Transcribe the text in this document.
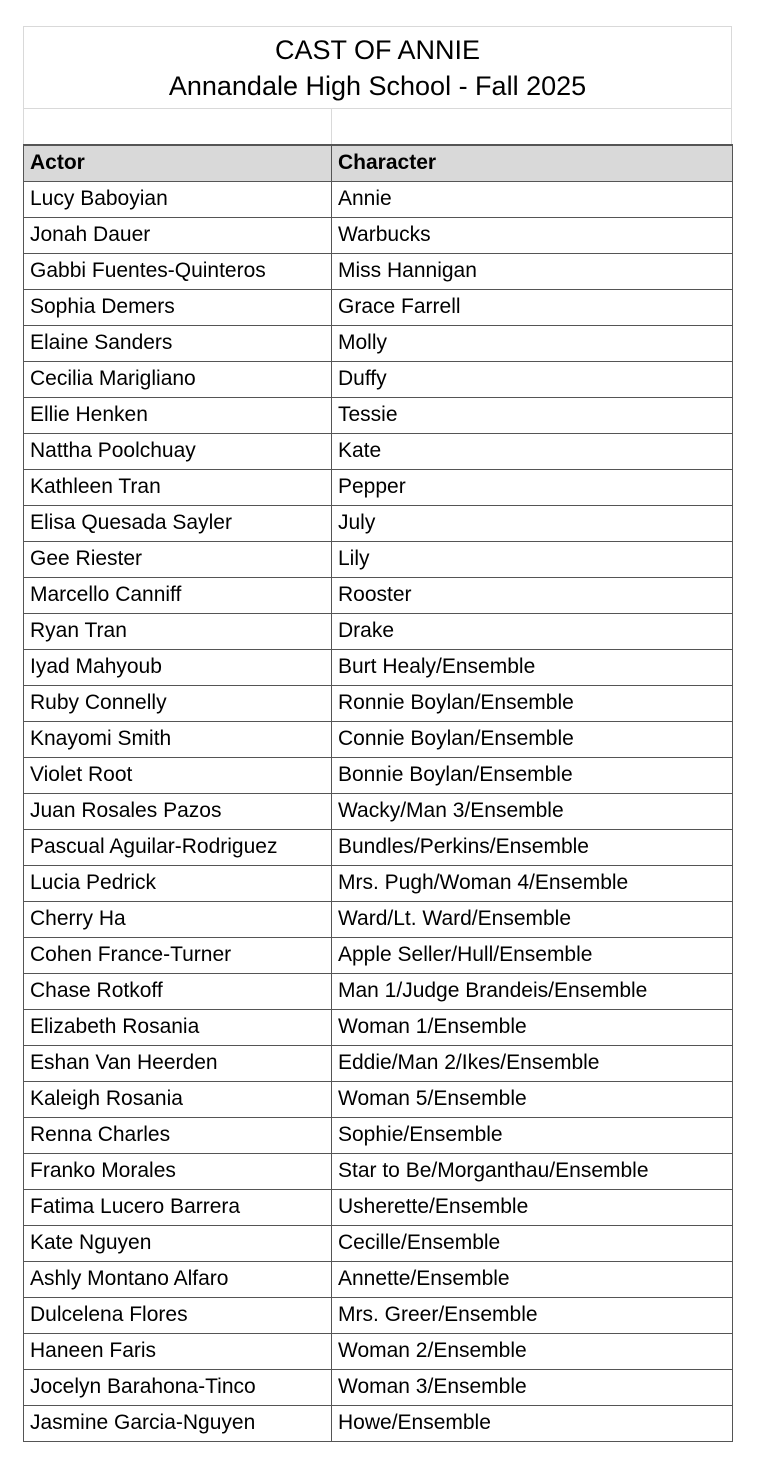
CAST OF ANNIE
Annandale High School - Fall 2025
Actor	Character
Lucy Baboyian	Annie
Jonah Dauer	Warbucks
Gabbi Fuentes-Quinteros	Miss Hannigan
Sophia Demers	Grace Farrell
Elaine Sanders	Molly
Cecilia Marigliano	Duffy
Ellie Henken	Tessie
Nattha Poolchuay	Kate
Kathleen Tran	Pepper
Elisa Quesada Sayler	July
Gee Riester	Lily
Marcello Canniff	Rooster
Ryan Tran	Drake
Iyad Mahyoub	Burt Healy/Ensemble
Ruby Connelly	Ronnie Boylan/Ensemble
Knayomi Smith	Connie Boylan/Ensemble
Violet Root	Bonnie Boylan/Ensemble
Juan Rosales Pazos	Wacky/Man 3/Ensemble
Pascual Aguilar-Rodriguez	Bundles/Perkins/Ensemble
Lucia Pedrick	Mrs. Pugh/Woman 4/Ensemble
Cherry Ha	Ward/Lt. Ward/Ensemble
Cohen France-Turner	Apple Seller/Hull/Ensemble
Chase Rotkoff	Man 1/Judge Brandeis/Ensemble
Elizabeth Rosania	Woman 1/Ensemble
Eshan Van Heerden	Eddie/Man 2/Ikes/Ensemble
Kaleigh Rosania	Woman 5/Ensemble
Renna Charles	Sophie/Ensemble
Franko Morales	Star to Be/Morganthau/Ensemble
Fatima Lucero Barrera	Usherette/Ensemble
Kate Nguyen	Cecille/Ensemble
Ashly Montano Alfaro	Annette/Ensemble
Dulcelena Flores	Mrs. Greer/Ensemble
Haneen Faris	Woman 2/Ensemble
Jocelyn Barahona-Tinco	Woman 3/Ensemble
Jasmine Garcia-Nguyen	Howe/Ensemble
